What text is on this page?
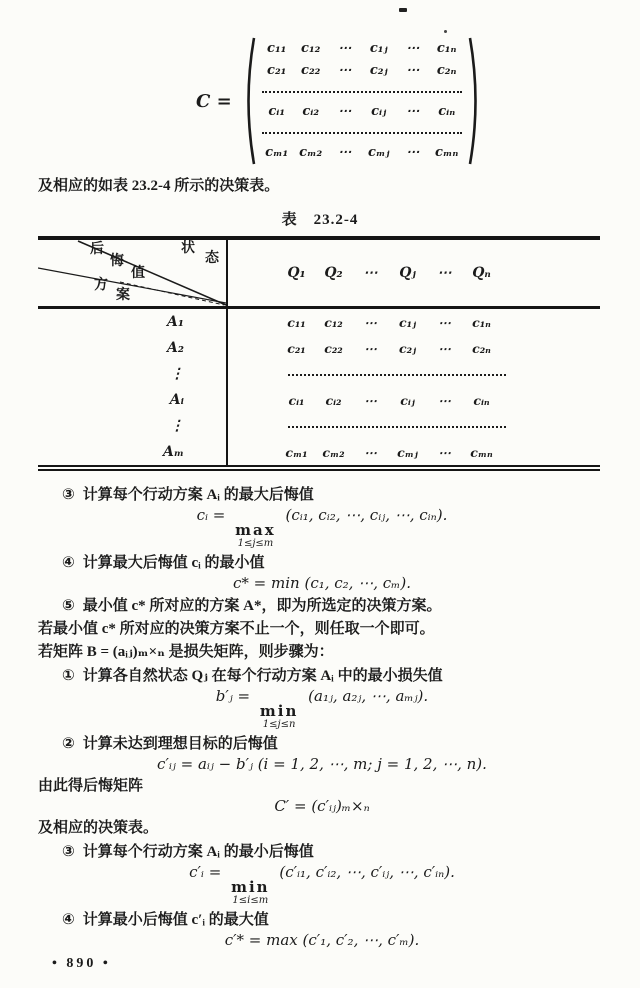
C =
c₁₁	c₁₂	⋯	c₁ⱼ	⋯	c₁ₙ
c₂₁	c₂₂	⋯	c₂ⱼ	⋯	c₂ₙ
cᵢ₁	cᵢ₂	⋯	cᵢⱼ	⋯	cᵢₙ
cₘ₁ cₘ₂	⋯	cₘⱼ	⋯	cₘₙ
及相应的如表 23.2-4 所示的决策表。
表　23.2-4
后
悔
值
状
态
方
案
Q₁	Q₂	⋯	Qⱼ	⋯	Qₙ
A₁	c₁₁	c₁₂	⋯	c₁ⱼ	⋯	c₁ₙ
A₂	c₂₁	c₂₂	⋯	c₂ⱼ	⋯	c₂ₙ
⋮
Aᵢ	cᵢ₁	cᵢ₂	⋯	cᵢⱼ	⋯	cᵢₙ
⋮
Aₘ	cₘ₁	cₘ₂	⋯	cₘⱼ	⋯	cₘₙ
③ 计算每个行动方案 Aᵢ 的最大后悔值
cᵢ =
max
1≤j≤m
(cᵢ₁, cᵢ₂, ⋯, cᵢⱼ, ⋯, cᵢₙ).
④ 计算最大后悔值 cᵢ 的最小值
c* = min (c₁, c₂, ⋯, cₘ).
⑤ 最小值 c* 所对应的方案 A*，即为所选定的决策方案。
若最小值 c* 所对应的决策方案不止一个，则任取一个即可。
若矩阵 B = (aᵢⱼ)ₘ×ₙ 是损失矩阵，则步骤为：
① 计算各自然状态 Qⱼ 在每个行动方案 Aᵢ 中的最小损失值
b′ⱼ =
min
1≤j≤n
(a₁ⱼ, a₂ⱼ, ⋯, aₘⱼ).
② 计算未达到理想目标的后悔值
c′ᵢⱼ = aᵢⱼ − b′ⱼ (i = 1, 2, ⋯, m; j = 1, 2, ⋯, n).
由此得后悔矩阵
C′ = (c′ᵢⱼ)ₘ×ₙ
及相应的决策表。
③ 计算每个行动方案 Aᵢ 的最小后悔值
c′ᵢ =
min
1≤i≤m
(c′ᵢ₁, c′ᵢ₂, ⋯, c′ᵢⱼ, ⋯, c′ᵢₙ).
④ 计算最小后悔值 c′ᵢ 的最大值
c′* = max (c′₁, c′₂, ⋯, c′ₘ).
• 890 •
